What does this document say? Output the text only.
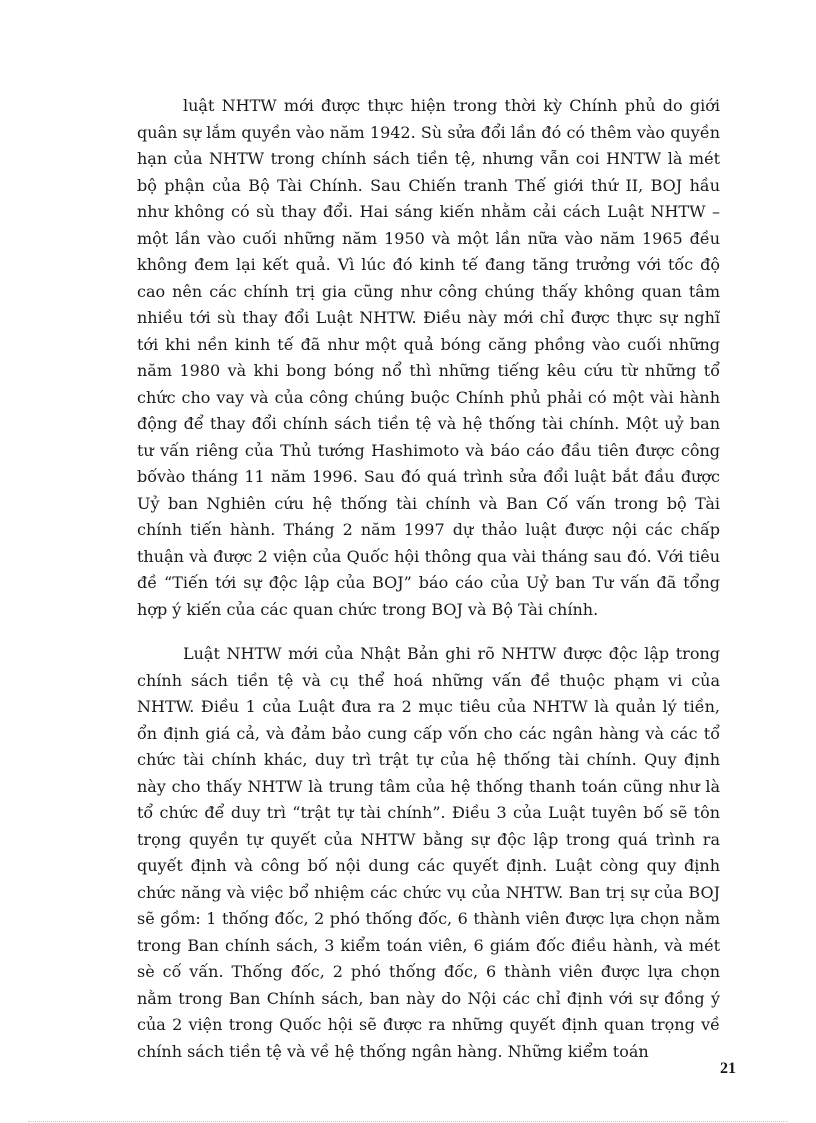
luật NHTW mới được thực hiện trong thời kỳ Chính phủ do giới quân sự lắm quyền vào năm 1942. Sù sửa đổi lần đó có thêm vào quyền hạn của NHTW trong chính sách tiền tệ, nhưng vẫn coi HNTW là mét bộ phận của Bộ Tài Chính. Sau Chiến tranh Thế giới thứ II, BOJ hầu như không có sù thay đổi. Hai sáng kiến nhằm cải cách Luật NHTW – một lần vào cuối những năm 1950 và một lần nữa vào năm 1965 đều không đem lại kết quả. Vì lúc đó kinh tế đang tăng trưởng với tốc độ cao nên các chính trị gia cũng như công chúng thấy không quan tâm nhiều tới sù thay đổi Luật NHTW. Điều này mới chỉ được thực sự nghĩ tới khi nền kinh tế đã như một quả bóng căng phồng vào cuối những năm 1980 và khi bong bóng nổ thì những tiếng kêu cứu từ những tổ chức cho vay và của công chúng buộc Chính phủ phải có một vài hành động để thay đổi chính sách tiền tệ và hệ thống tài chính. Một uỷ ban tư vấn riêng của Thủ tướng Hashimoto và báo cáo đầu tiên được công bốvào tháng 11 năm 1996. Sau đó quá trình sửa đổi luật bắt đầu được Uỷ ban Nghiên cứu hệ thống tài chính và Ban Cố vấn trong bộ Tài chính tiến hành. Tháng 2 năm 1997 dự thảo luật được nội các chấp thuận và được 2 viện của Quốc hội thông qua vài tháng sau đó. Với tiêu đề “Tiến tới sự độc lập của BOJ” báo cáo của Uỷ ban Tư vấn đã tổng hợp ý kiến của các quan chức trong BOJ và Bộ Tài chính.

Luật NHTW mới của Nhật Bản ghi rõ NHTW được độc lập trong chính sách tiền tệ và cụ thể hoá những vấn đề thuộc phạm vi của NHTW. Điều 1 của Luật đưa ra 2 mục tiêu của NHTW là quản lý tiền, ổn định giá cả, và đảm bảo cung cấp vốn cho các ngân hàng và các tổ chức tài chính khác, duy trì trật tự của hệ thống tài chính. Quy định này cho thấy NHTW là trung tâm của hệ thống thanh toán cũng như là tổ chức để duy trì “trật tự tài chính”. Điều 3 của Luật tuyên bố sẽ tôn trọng quyền tự quyết của NHTW bằng sự độc lập trong quá trình ra quyết định và công bố nội dung các quyết định. Luật còng quy định chức năng và việc bổ nhiệm các chức vụ của NHTW. Ban trị sự của BOJ sẽ gồm: 1 thống đốc, 2 phó thống đốc, 6 thành viên được lựa chọn nằm trong Ban chính sách, 3 kiểm toán viên, 6 giám đốc điều hành, và mét sè cố vấn. Thống đốc, 2 phó thống đốc, 6 thành viên được lựa chọn nằm trong Ban Chính sách, ban này do Nội các chỉ định với sự đồng ý của 2 viện trong Quốc hội sẽ được ra những quyết định quan trọng về chính sách tiền tệ và về hệ thống ngân hàng. Những kiểm toán

21
